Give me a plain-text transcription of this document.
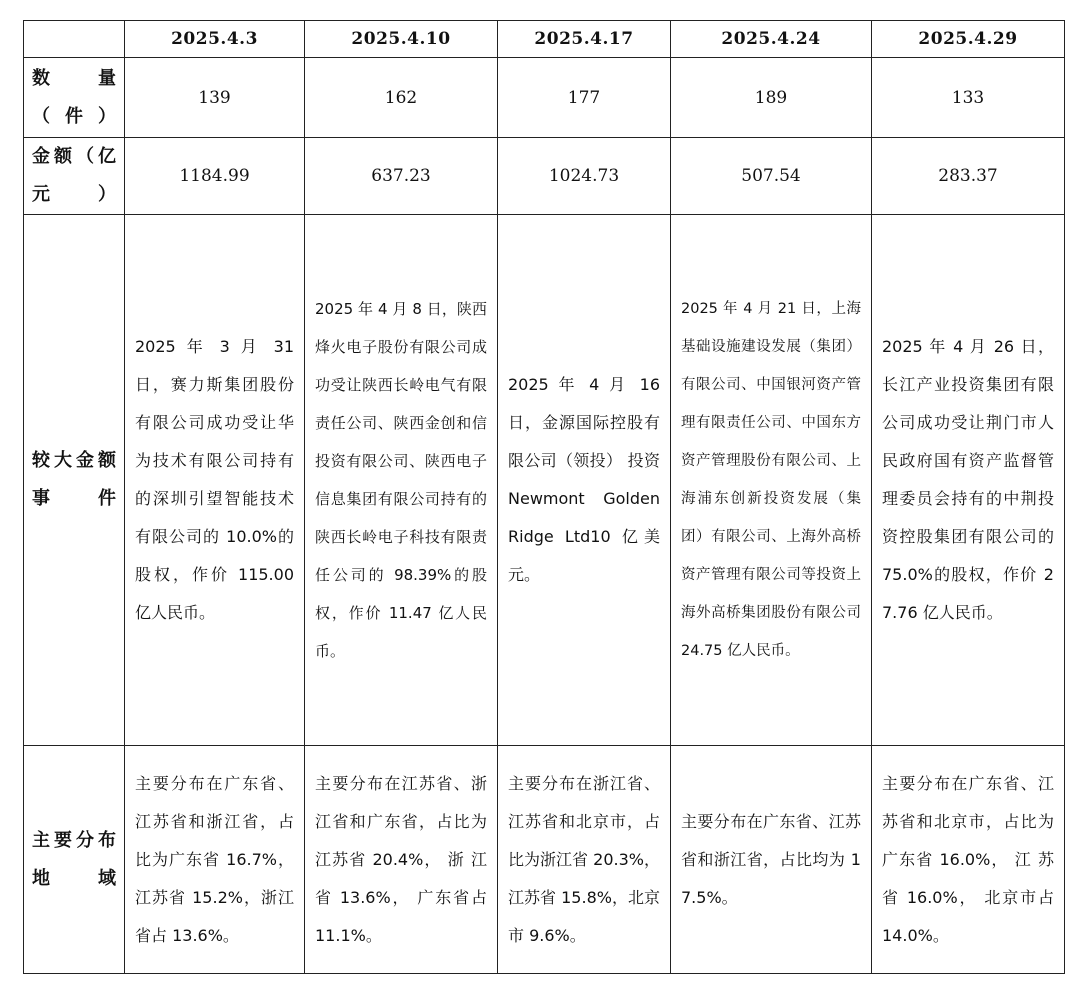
	2025.4.3	2025.4.10	2025.4.17	2025.4.24	2025.4.29
数　量（件）	139	162	177	189	133
金额（亿元）	1184.99	637.23	1024.73	507.54	283.37
较大金额事件	2025 年 3 月 31 日，赛力斯集团股份有限公司成功受让华为技术有限公司持有的深圳引望智能技术有限公司的 10.0%的股权，作价 115.00 亿人民币。	2025 年 4 月 8 日，陕西烽火电子股份有限公司成功受让陕西长岭电气有限责任公司、陕西金创和信投资有限公司、陕西电子信息集团有限公司持有的陕西长岭电子科技有限责任公司的 98.39%的股权，作价 11.47 亿人民币。	2025 年 4 月 16 日，金源国际控股有限公司（领投） 投资 Newmont Golden Ridge Ltd10 亿美元。	2025 年 4 月 21 日，上海基础设施建设发展（集团）有限公司、中国银河资产管理有限责任公司、中国东方资产管理股份有限公司、上海浦东创新投资发展（集团）有限公司、上海外高桥资产管理有限公司等投资上海外高桥集团股份有限公司 24.75 亿人民币。	2025 年 4 月 26 日，长江产业投资集团有限公司成功受让荆门市人民政府国有资产监督管理委员会持有的中荆投资控股集团有限公司的 75.0%的股权，作价 27.76 亿人民币。
主要分布地域	主要分布在广东省、江苏省和浙江省，占比为广东省 16.7%，江苏省 15.2%，浙江省占 13.6%。	主要分布在江苏省、浙江省和广东省，占比为江苏省 20.4%， 浙 江 省 13.6%， 广东省占 11.1%。	主要分布在浙江省、江苏省和北京市，占比为浙江省 20.3%，江苏省 15.8%，北京市 9.6%。	主要分布在广东省、江苏省和浙江省，占比均为 17.5%。	主要分布在广东省、江苏省和北京市，占比为广东省 16.0%， 江 苏 省 16.0%， 北京市占 14.0%。
